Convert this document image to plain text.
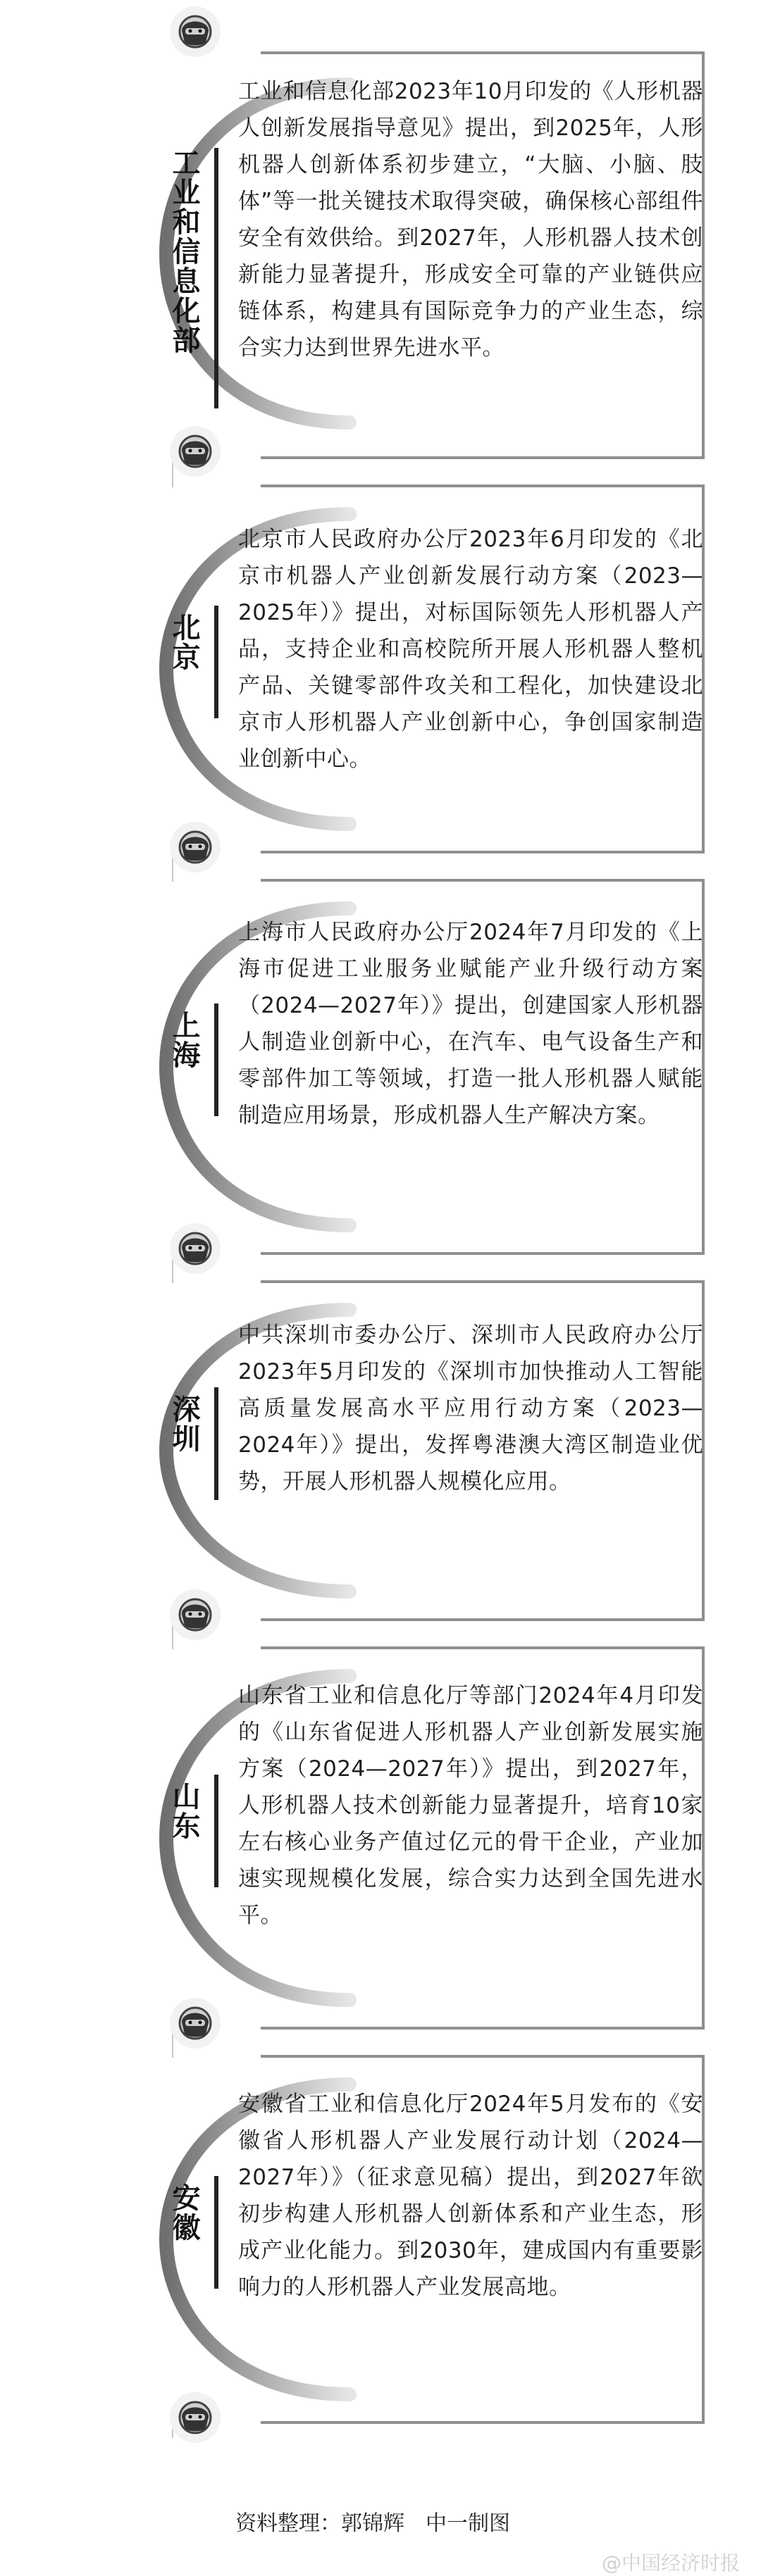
工业和信息化部
工业和信息化部2023年10月印发的《人形机器人创新发展指导意见》提出，到2025年，人形机器人创新体系初步建立，“大脑、小脑、肢体”等一批关键技术取得突破，确保核心部组件安全有效供给。到2027年，人形机器人技术创新能力显著提升，形成安全可靠的产业链供应链体系，构建具有国际竞争力的产业生态，综合实力达到世界先进水平。
北京
北京市人民政府办公厅2023年6月印发的《北京市机器人产业创新发展行动方案（2023—2025年）》提出，对标国际领先人形机器人产品，支持企业和高校院所开展人形机器人整机产品、关键零部件攻关和工程化，加快建设北京市人形机器人产业创新中心，争创国家制造业创新中心。
上海
上海市人民政府办公厅2024年7月印发的《上海市促进工业服务业赋能产业升级行动方案（2024—2027年）》提出，创建国家人形机器人制造业创新中心，在汽车、电气设备生产和零部件加工等领域，打造一批人形机器人赋能制造应用场景，形成机器人生产解决方案。
深圳
中共深圳市委办公厅、深圳市人民政府办公厅2023年5月印发的《深圳市加快推动人工智能高质量发展高水平应用行动方案（2023—2024年）》提出，发挥粤港澳大湾区制造业优势，开展人形机器人规模化应用。
山东
山东省工业和信息化厅等部门2024年4月印发的《山东省促进人形机器人产业创新发展实施方案（2024—2027年）》提出，到2027年，人形机器人技术创新能力显著提升，培育10家左右核心业务产值过亿元的骨干企业，产业加速实现规模化发展，综合实力达到全国先进水平。
安徽
安徽省工业和信息化厅2024年5月发布的《安徽省人形机器人产业发展行动计划（2024—2027年）》（征求意见稿）提出，到2027年欲初步构建人形机器人创新体系和产业生态，形成产业化能力。到2030年，建成国内有重要影响力的人形机器人产业发展高地。
资料整理：郭锦辉　中一制图
@中国经济时报
